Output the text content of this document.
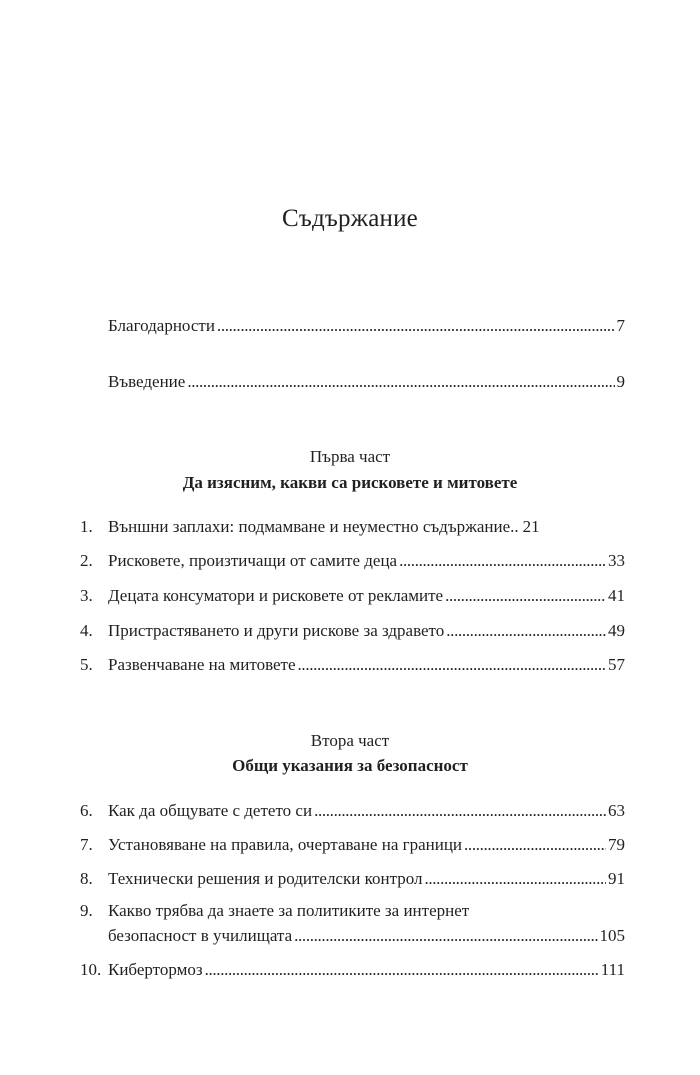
Съдържание
Благодарности . . .	7
Въведение . . .	9
Първа част
Да изясним, какви са рисковете и митовете
1. Външни заплахи: подмамване и неуместно съдържание.. 21
2. Рисковете, произтичащи от самите деца . . .	33
3. Децата консуматори и рисковете от рекламите . . .	41
4. Пристрастяването и други рискове за здравето . . .	49
5. Развенчаване на митовете . . .	57
Втора част
Общи указания за безопасност
6. Как да общувате с детето си . . .	63
7. Установяване на правила, очертаване на граници . . .	79
8. Технически решения и родителски контрол . . .	91
9. Какво трябва да знаете за политиките за интернет
безопасност в училищата . . .	105
10. Кибертормоз . . .	111
